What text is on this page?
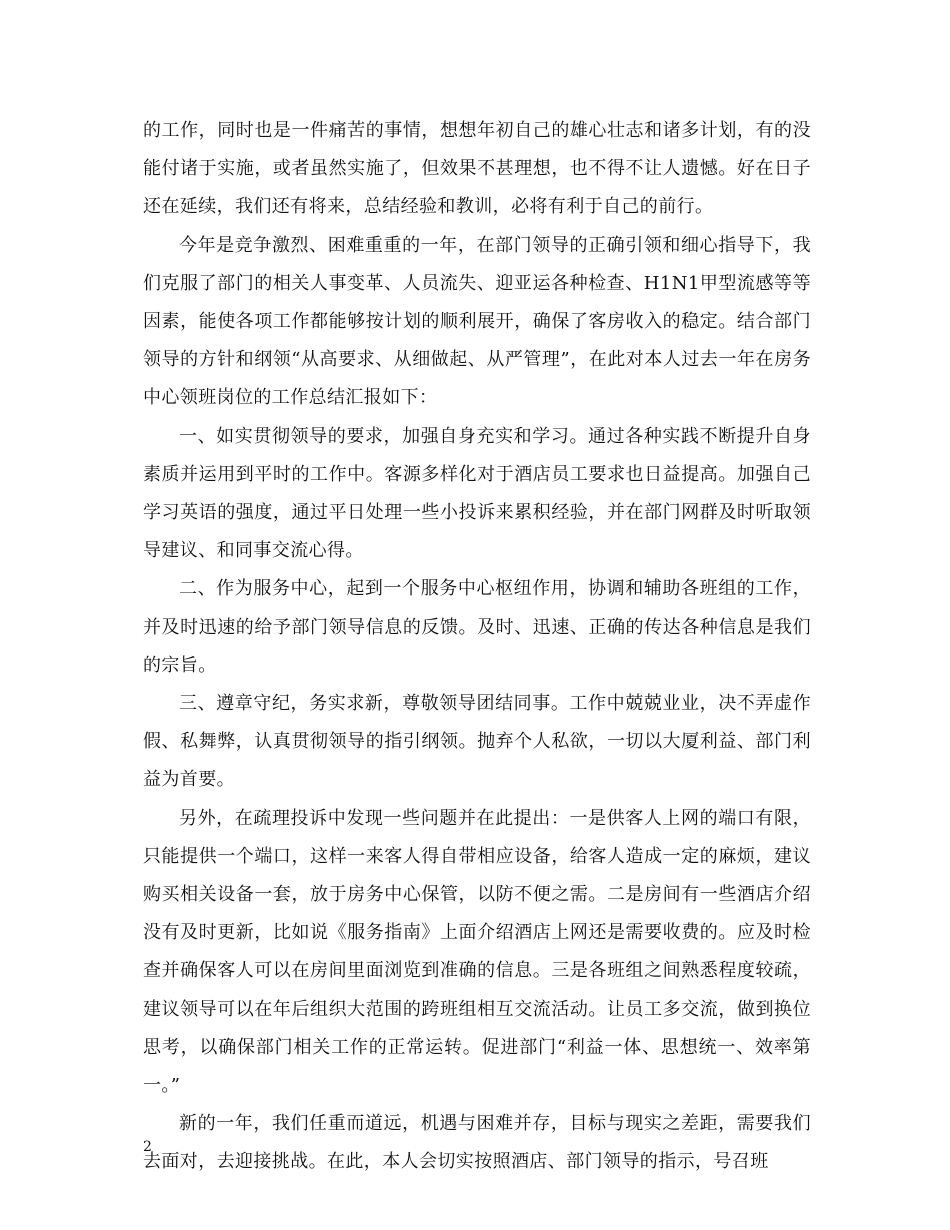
的工作，同时也是一件痛苦的事情，想想年初自己的雄心壮志和诸多计划，有的没能付诸于实施，或者虽然实施了，但效果不甚理想，也不得不让人遗憾。好在日子还在延续，我们还有将来，总结经验和教训，必将有利于自己的前行。

今年是竞争激烈、困难重重的一年，在部门领导的正确引领和细心指导下，我们克服了部门的相关人事变革、人员流失、迎亚运各种检查、H1N1甲型流感等等因素，能使各项工作都能够按计划的顺利展开，确保了客房收入的稳定。结合部门领导的方针和纲领“从高要求、从细做起、从严管理”，在此对本人过去一年在房务中心领班岗位的工作总结汇报如下：

一、如实贯彻领导的要求，加强自身充实和学习。通过各种实践不断提升自身素质并运用到平时的工作中。客源多样化对于酒店员工要求也日益提高。加强自己学习英语的强度，通过平日处理一些小投诉来累积经验，并在部门网群及时听取领导建议、和同事交流心得。

二、作为服务中心，起到一个服务中心枢纽作用，协调和辅助各班组的工作，并及时迅速的给予部门领导信息的反馈。及时、迅速、正确的传达各种信息是我们的宗旨。

三、遵章守纪，务实求新，尊敬领导团结同事。工作中兢兢业业，决不弄虚作假、私舞弊，认真贯彻领导的指引纲领。抛弃个人私欲，一切以大厦利益、部门利益为首要。

另外，在疏理投诉中发现一些问题并在此提出：一是供客人上网的端口有限，只能提供一个端口，这样一来客人得自带相应设备，给客人造成一定的麻烦，建议购买相关设备一套，放于房务中心保管，以防不便之需。二是房间有一些酒店介绍没有及时更新，比如说《服务指南》上面介绍酒店上网还是需要收费的。应及时检查并确保客人可以在房间里面浏览到准确的信息。三是各班组之间熟悉程度较疏，建议领导可以在年后组织大范围的跨班组相互交流活动。让员工多交流，做到换位思考，以确保部门相关工作的正常运转。促进部门“利益一体、思想统一、效率第一。”

新的一年，我们任重而道远，机遇与困难并存，目标与现实之差距，需要我们去面对，去迎接挑战。在此，本人会切实按照酒店、部门领导的指示，号召班

2
